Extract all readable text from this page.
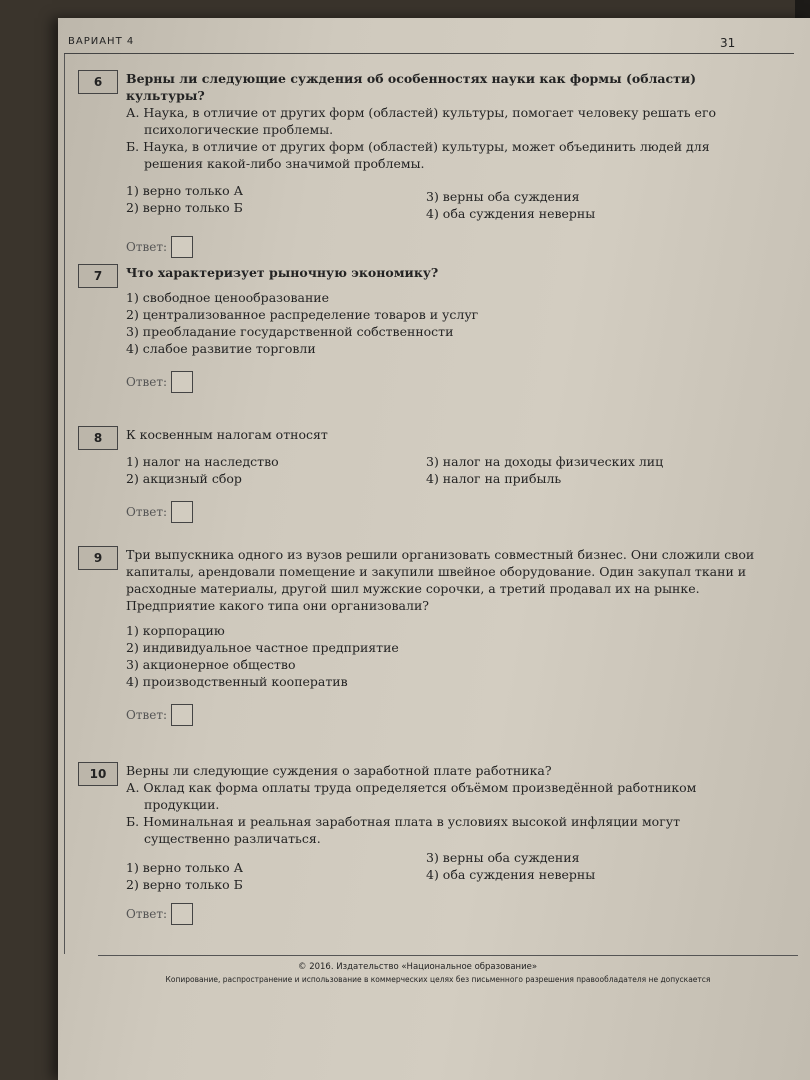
ВАРИАНТ 4	31
6	Верны ли следующие суждения об особенностях науки как формы (области) культуры?

А. Наука, в отличие от других форм (областей) культуры, помогает человеку решать его психологические проблемы.

Б. Наука, в отличие от других форм (областей) культуры, может объединить людей для решения какой-либо значимой проблемы.

1) верно только А

2) верно только Б

3) верны оба суждения

4) оба суждения неверны

Ответ:
7	Что характеризует рыночную экономику?

1) свободное ценообразование

2) централизованное распределение товаров и услуг

3) преобладание государственной собственности

4) слабое развитие торговли

Ответ:
8	К косвенным налогам относят

1) налог на наследство

2) акцизный сбор

3) налог на доходы физических лиц

4) налог на прибыль

Ответ:
9	Три выпускника одного из вузов решили организовать совместный бизнес. Они сложили свои капиталы, арендовали помещение и закупили швейное оборудование. Один закупал ткани и расходные материалы, другой шил мужские сорочки, а третий продавал их на рынке. Предприятие какого типа они организовали?

1) корпорацию

2) индивидуальное частное предприятие

3) акционерное общество

4) производственный кооператив

Ответ:
10	Верны ли следующие суждения о заработной плате работника?

А. Оклад как форма оплаты труда определяется объёмом произведённой работником продукции.

Б. Номинальная и реальная заработная плата в условиях высокой инфляции могут существенно различаться.

1) верно только А

2) верно только Б

3) верны оба суждения

4) оба суждения неверны

Ответ:
© 2016. Издательство «Национальное образование»
Копирование, распространение и использование в коммерческих целях без письменного разрешения правообладателя не допускается
